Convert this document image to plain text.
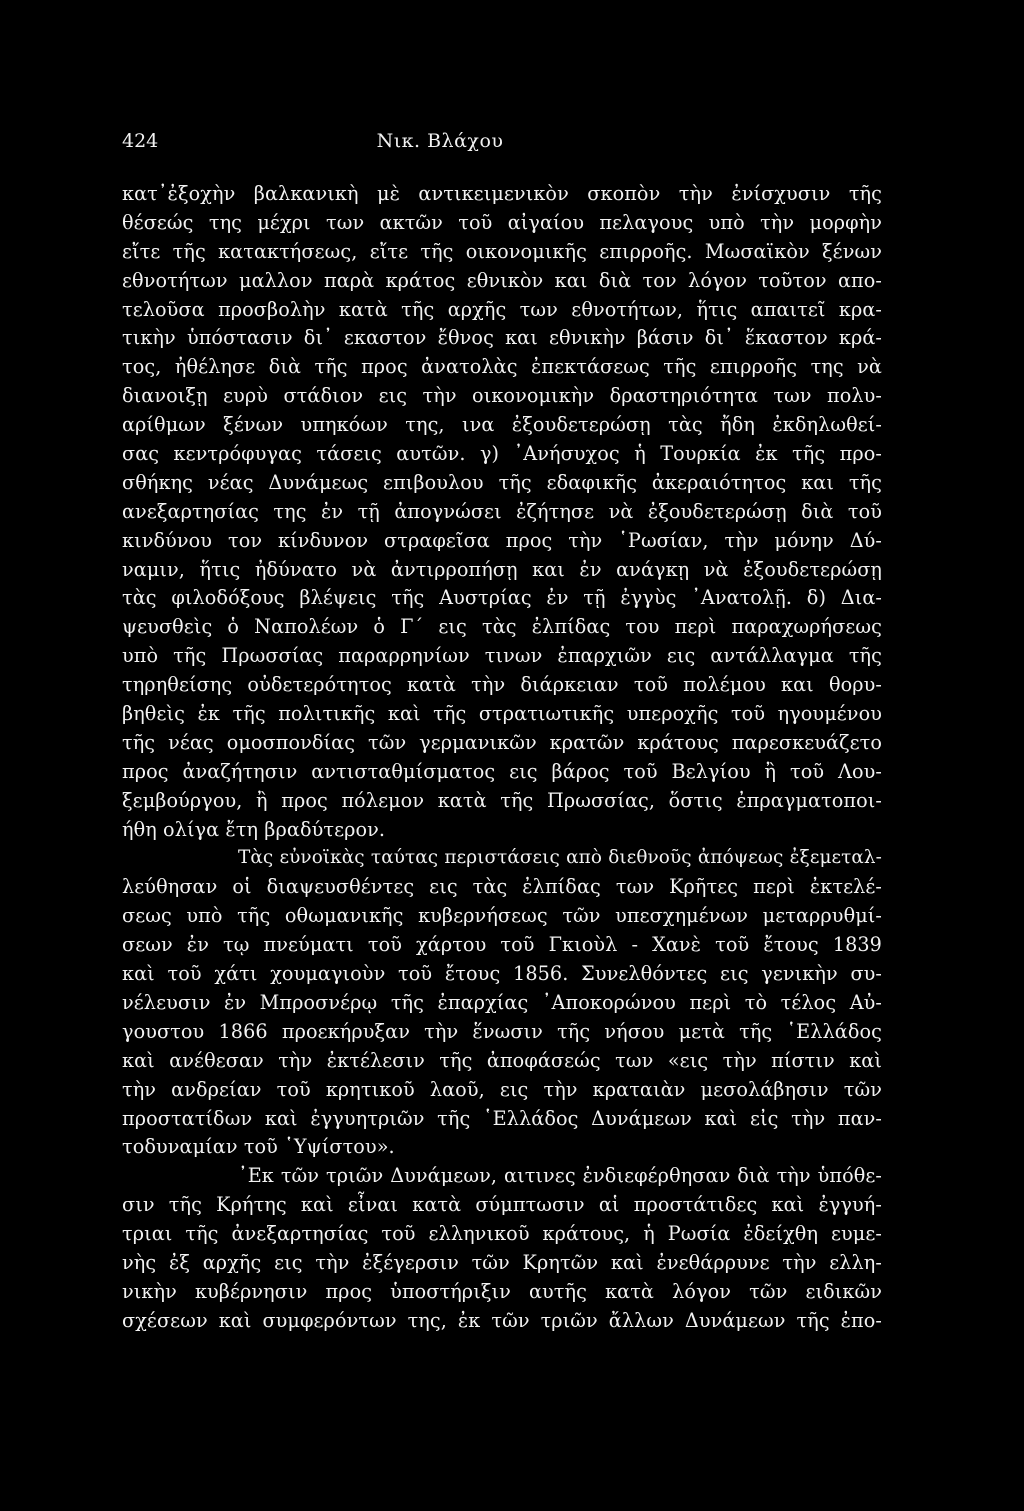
424	Νικ. Βλάχου
κατ᾿ἐξοχὴν βαλκανικὴ μὲ αντικειμενικὸν σκοπὸν τὴν ἐνίσχυσιν τῆς
θέσεώς της μέχρι των ακτῶν τοῦ αἰγαίου πελαγους υπὸ τὴν μορφὴν
εἴτε τῆς κατακτήσεως, εἴτε τῆς οικονομικῆς επιρροῆς. Μωσαϊκὸν ξένων
εθνοτήτων μαλλον παρὰ κράτος εθνικὸν και διὰ τον λόγον τοῦτον απο-
τελοῦσα προσβολὴν κατὰ τῆς αρχῆς των εθνοτήτων, ἥτις απαιτεῖ κρα-
τικὴν ὑπόστασιν δι᾿ εκαστον ἔθνος και εθνικὴν βάσιν δι᾿ ἕκαστον κρά-
τος, ἠθέλησε διὰ τῆς προς ἀνατολὰς ἐπεκτάσεως τῆς επιρροῆς της νὰ
διανοιξῃ ευρὺ στάδιον εις τὴν οικονομικὴν δραστηριότητα των πολυ-
αρίθμων ξένων υπηκόων της, ινα ἐξουδετερώσῃ τὰς ἤδη ἐκδηλωθεί-
σας κεντρόφυγας τάσεις αυτῶν. γ) ᾿Ανήσυχος ἡ Τουρκία ἐκ τῆς προ-
σθήκης νέας Δυνάμεως επιβουλου τῆς εδαφικῆς ἀκεραιότητος και τῆς
ανεξαρτησίας της ἐν τῇ ἀπογνώσει ἐζήτησε νὰ ἐξουδετερώσῃ διὰ τοῦ
κινδύνου τον κίνδυνον στραφεῖσα προς τὴν ῾Ρωσίαν, τὴν μόνην Δύ-
ναμιν, ἥτις ἠδύνατο νὰ ἀντιρροπήσῃ και ἐν ανάγκῃ νὰ ἐξουδετερώσῃ
τὰς φιλοδόξους βλέψεις τῆς Αυστρίας ἐν τῇ ἐγγὺς ᾿Ανατολῇ. δ) Δια-
ψευσθεὶς ὁ Ναπολέων ὁ Γ΄ εις τὰς ἐλπίδας του περὶ παραχωρήσεως
υπὸ τῆς Πρωσσίας παραρρηνίων τινων ἐπαρχιῶν εις αντάλλαγμα τῆς
τηρηθείσης οὐδετερότητος κατὰ τὴν διάρκειαν τοῦ πολέμου και θορυ-
βηθεὶς ἐκ τῆς πολιτικῆς καὶ τῆς στρατιωτικῆς υπεροχῆς τοῦ ηγουμένου
τῆς νέας ομοσπονδίας τῶν γερμανικῶν κρατῶν κράτους παρεσκευάζετο
προς ἀναζήτησιν αντισταθμίσματος εις βάρος τοῦ Βελγίου ἢ τοῦ Λου-
ξεμβούργου, ἢ προς πόλεμον κατὰ τῆς Πρωσσίας, ὅστις ἐπραγματοποι-
ήθη ολίγα ἔτη βραδύτερον.
Τὰς εὐνοϊκὰς ταύτας περιστάσεις απὸ διεθνοῦς ἀπόψεως ἐξεμεταλ-
λεύθησαν οἱ διαψευσθέντες εις τὰς ἐλπίδας των Κρῆτες περὶ ἐκτελέ-
σεως υπὸ τῆς οθωμανικῆς κυβερνήσεως τῶν υπεσχημένων μεταρρυθμί-
σεων ἐν τῳ πνεύματι τοῦ χάρτου τοῦ Γκιοὺλ - Χανὲ τοῦ ἔτους 1839
καὶ τοῦ χάτι χουμαγιοὺν τοῦ ἔτους 1856. Συνελθόντες εις γενικὴν συ-
νέλευσιν ἐν Μπροσνέρῳ τῆς ἐπαρχίας ᾿Αποκορώνου περὶ τὸ τέλος Αὐ-
γουστου 1866 προεκήρυξαν τὴν ἕνωσιν τῆς νήσου μετὰ τῆς ῾Ελλάδος
καὶ ανέθεσαν τὴν ἐκτέλεσιν τῆς ἀποφάσεώς των «εις τὴν πίστιν καὶ
τὴν ανδρείαν τοῦ κρητικοῦ λαοῦ, εις τὴν κραταιὰν μεσολάβησιν τῶν
προστατίδων καὶ ἐγγυητριῶν τῆς ῾Ελλάδος Δυνάμεων καὶ εἰς τὴν παν-
τοδυναμίαν τοῦ ῾Υψίστου».
᾿Εκ τῶν τριῶν Δυνάμεων, αιτινες ἐνδιεφέρθησαν διὰ τὴν ὑπόθε-
σιν τῆς Κρήτης καὶ εἶναι κατὰ σύμπτωσιν αἱ προστάτιδες καὶ ἐγγυή-
τριαι τῆς ἀνεξαρτησίας τοῦ ελληνικοῦ κράτους, ἡ Ρωσία ἐδείχθη ευμε-
νὴς ἐξ αρχῆς εις τὴν ἐξέγερσιν τῶν Κρητῶν καὶ ἐνεθάρρυνε τὴν ελλη-
νικὴν κυβέρνησιν προς ὑποστήριξιν αυτῆς κατὰ λόγον τῶν ειδικῶν
σχέσεων καὶ συμφερόντων της, ἐκ τῶν τριῶν ἄλλων Δυνάμεων τῆς ἐπο-
